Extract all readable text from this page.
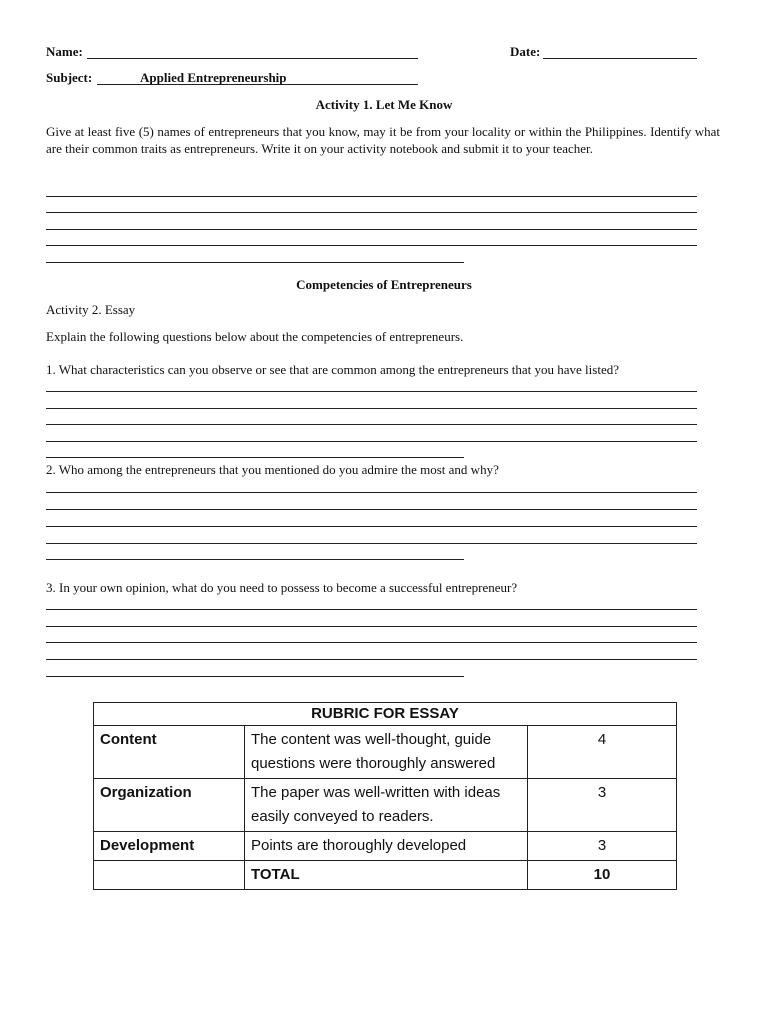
Name:	Date:
Subject:	Applied Entrepreneurship
Activity 1. Let Me Know
Give at least five (5) names of entrepreneurs that you know, may it be from your locality or within the Philippines. Identify what are their common traits as entrepreneurs. Write it on your activity notebook and submit it to your teacher.
Competencies of Entrepreneurs
Activity 2. Essay
Explain the following questions below about the competencies of entrepreneurs.
1. What characteristics can you observe or see that are common among the entrepreneurs that you have listed?
2. Who among the entrepreneurs that you mentioned do you admire the most and why?
3. In your own opinion, what do you need to possess to become a successful entrepreneur?
RUBRIC FOR ESSAY		
Content	The content was well-thought, guide questions were thoroughly answered	4
Organization	The paper was well-written with ideas easily conveyed to readers.	3
Development	Points are thoroughly developed	3
	TOTAL	10
